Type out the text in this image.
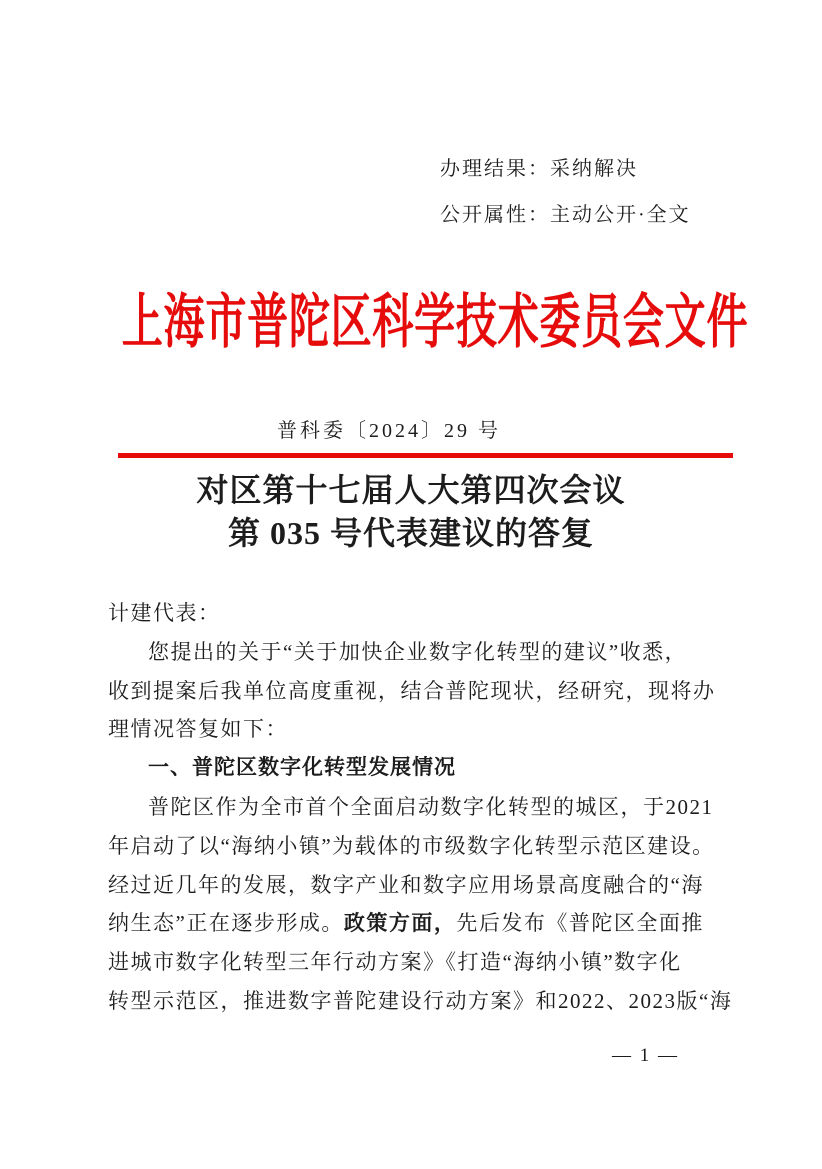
办理结果：采纳解决
公开属性：主动公开·全文
上海市普陀区科学技术委员会文件
普科委〔2024〕29 号
对区第十七届人大第四次会议
第 035 号代表建议的答复
计建代表：
您提出的关于“关于加快企业数字化转型的建议”收悉，
收到提案后我单位高度重视，结合普陀现状，经研究，现将办
理情况答复如下：
一、普陀区数字化转型发展情况
普陀区作为全市首个全面启动数字化转型的城区，于2021
年启动了以“海纳小镇”为载体的市级数字化转型示范区建设。
经过近几年的发展，数字产业和数字应用场景高度融合的“海
纳生态”正在逐步形成。政策方面，先后发布《普陀区全面推
进城市数字化转型三年行动方案》《打造“海纳小镇”数字化
转型示范区，推进数字普陀建设行动方案》和2022、2023版“海
— 1 —
